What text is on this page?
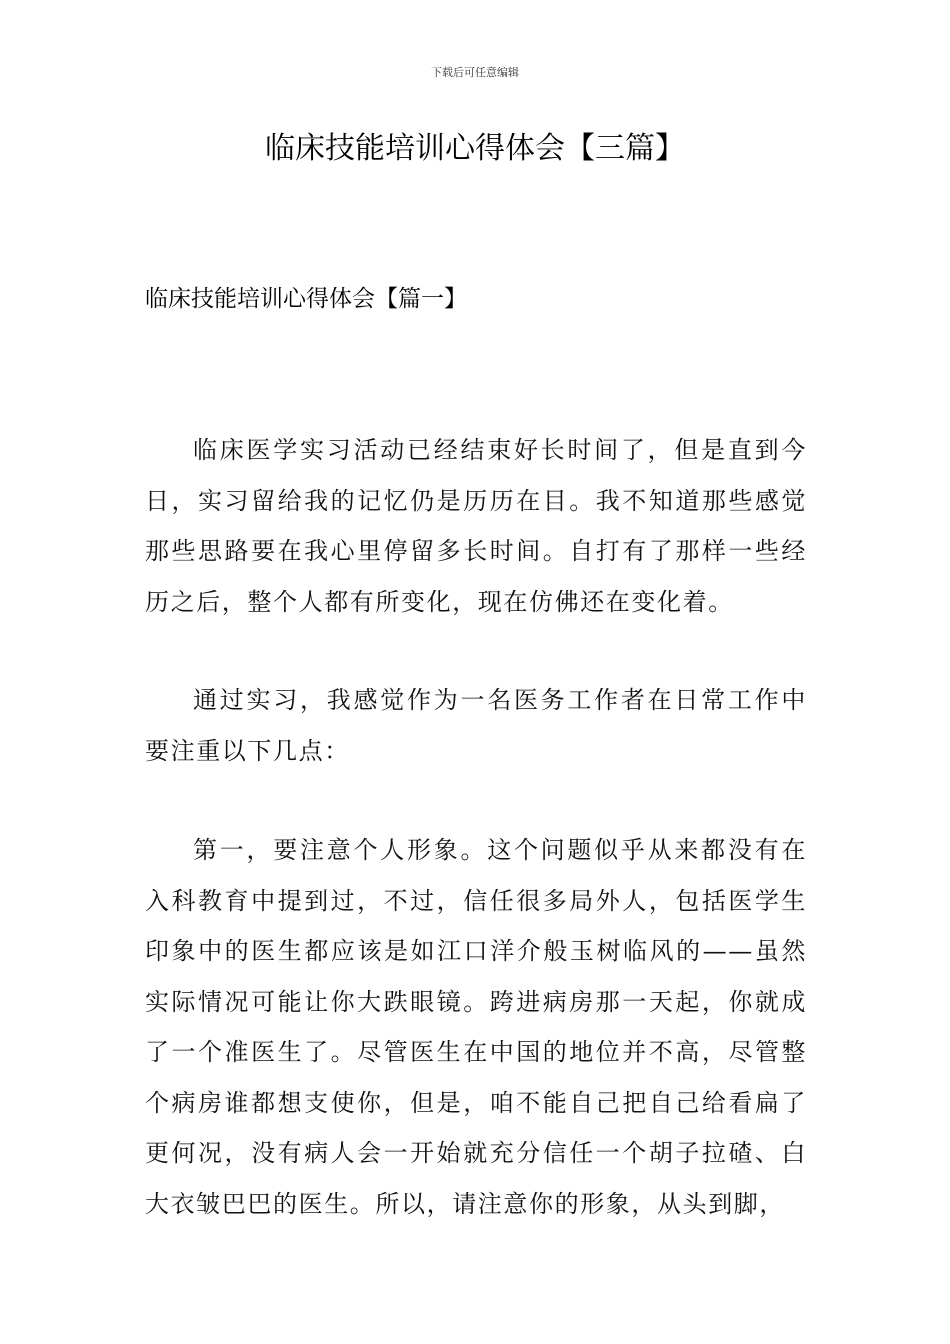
下载后可任意编辑
临床技能培训心得体会【三篇】
临床技能培训心得体会【篇一】

临床医学实习活动已经结束好长时间了，但是直到今日，实习留给我的记忆仍是历历在目。我不知道那些感觉那些思路要在我心里停留多长时间。自打有了那样一些经历之后，整个人都有所变化，现在仿佛还在变化着。

通过实习，我感觉作为一名医务工作者在日常工作中要注重以下几点：

第一，要注意个人形象。这个问题似乎从来都没有在入科教育中提到过，不过，信任很多局外人，包括医学生印象中的医生都应该是如江口洋介般玉树临风的——虽然实际情况可能让你大跌眼镜。跨进病房那一天起，你就成了一个准医生了。尽管医生在中国的地位并不高，尽管整个病房谁都想支使你，但是，咱不能自己把自己给看扁了更何况，没有病人会一开始就充分信任一个胡子拉碴、白大衣皱巴巴的医生。所以，请注意你的形象，从头到脚，
